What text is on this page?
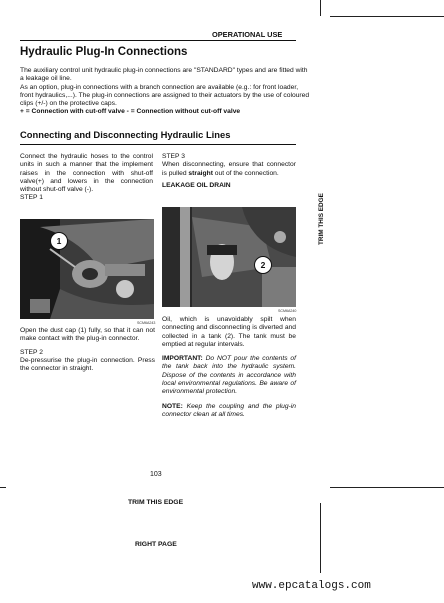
OPERATIONAL USE
Hydraulic Plug-In Connections
The auxiliary control unit hydraulic plug-in connections are "STANDARD" types and are fitted with a leakage oil line.
As an option, plug-in connections with a branch connection are available (e.g.: for front loader, front hydraulics,...). The plug-in connections are assigned to their actuators by the use of coloured clips (+/-) on the protective caps.
+ = Connection with cut-off valve - = Connection without cut-off valve
Connecting and Disconnecting Hydraulic Lines

Connect the hydraulic hoses to the control units in such a manner that the implement raises in the connection with shut-off valve(+) and lowers in the connection without shut-off valve (-).

STEP 1

1
SCM6A243

Open the dust cap (1) fully, so that it can not make contact with the plug-in connector.

STEP 2

De-pressurise the plug-in connection. Press the connector in straight.

STEP 3

When disconnecting, ensure that connector is pulled straight out of the connection.

LEAKAGE OIL DRAIN

2
SCM6A240

Oil, which is unavoidably spilt when connecting and disconnecting is diverted and collected in a tank (2). The tank must be emptied at regular intervals.

IMPORTANT: Do NOT pour the contents of the tank back into the hydraulic system. Dispose of the contents in accordance with local environmental regulations. Be aware of environmental protection.

NOTE: Keep the coupling and the plug-in connector clean at all times.

TRIM THIS EDGE
103
TRIM THIS EDGE
RIGHT PAGE
www.epcatalogs.com
